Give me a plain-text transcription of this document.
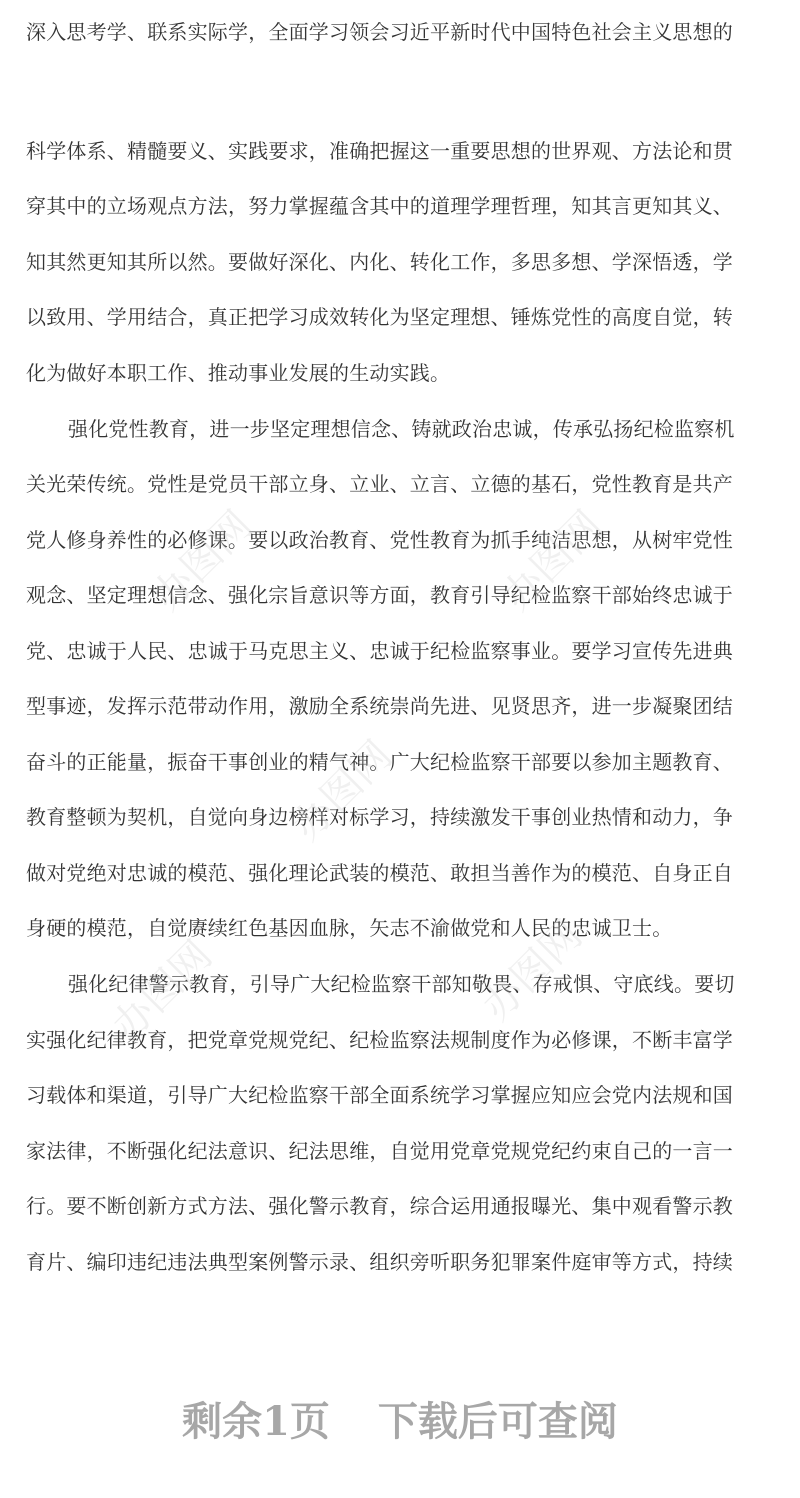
深入思考学、联系实际学，全面学习领会习近平新时代中国特色社会主义思想的
科学体系、精髓要义、实践要求，准确把握这一重要思想的世界观、方法论和贯
穿其中的立场观点方法，努力掌握蕴含其中的道理学理哲理，知其言更知其义、
知其然更知其所以然。要做好深化、内化、转化工作，多思多想、学深悟透，学
以致用、学用结合，真正把学习成效转化为坚定理想、锤炼党性的高度自觉，转
化为做好本职工作、推动事业发展的生动实践。
强化党性教育，进一步坚定理想信念、铸就政治忠诚，传承弘扬纪检监察机
关光荣传统。党性是党员干部立身、立业、立言、立德的基石，党性教育是共产
党人修身养性的必修课。要以政治教育、党性教育为抓手纯洁思想，从树牢党性
观念、坚定理想信念、强化宗旨意识等方面，教育引导纪检监察干部始终忠诚于
党、忠诚于人民、忠诚于马克思主义、忠诚于纪检监察事业。要学习宣传先进典
型事迹，发挥示范带动作用，激励全系统崇尚先进、见贤思齐，进一步凝聚团结
奋斗的正能量，振奋干事创业的精气神。广大纪检监察干部要以参加主题教育、
教育整顿为契机，自觉向身边榜样对标学习，持续激发干事创业热情和动力，争
做对党绝对忠诚的模范、强化理论武装的模范、敢担当善作为的模范、自身正自
身硬的模范，自觉赓续红色基因血脉，矢志不渝做党和人民的忠诚卫士。
强化纪律警示教育，引导广大纪检监察干部知敬畏、存戒惧、守底线。要切
实强化纪律教育，把党章党规党纪、纪检监察法规制度作为必修课，不断丰富学
习载体和渠道，引导广大纪检监察干部全面系统学习掌握应知应会党内法规和国
家法律，不断强化纪法意识、纪法思维，自觉用党章党规党纪约束自己的一言一
行。要不断创新方式方法、强化警示教育，综合运用通报曝光、集中观看警示教
育片、编印违纪违法典型案例警示录、组织旁听职务犯罪案件庭审等方式，持续
办图网	办图网
办图网
办图网	办图网
剩余1页 下载后可查阅
